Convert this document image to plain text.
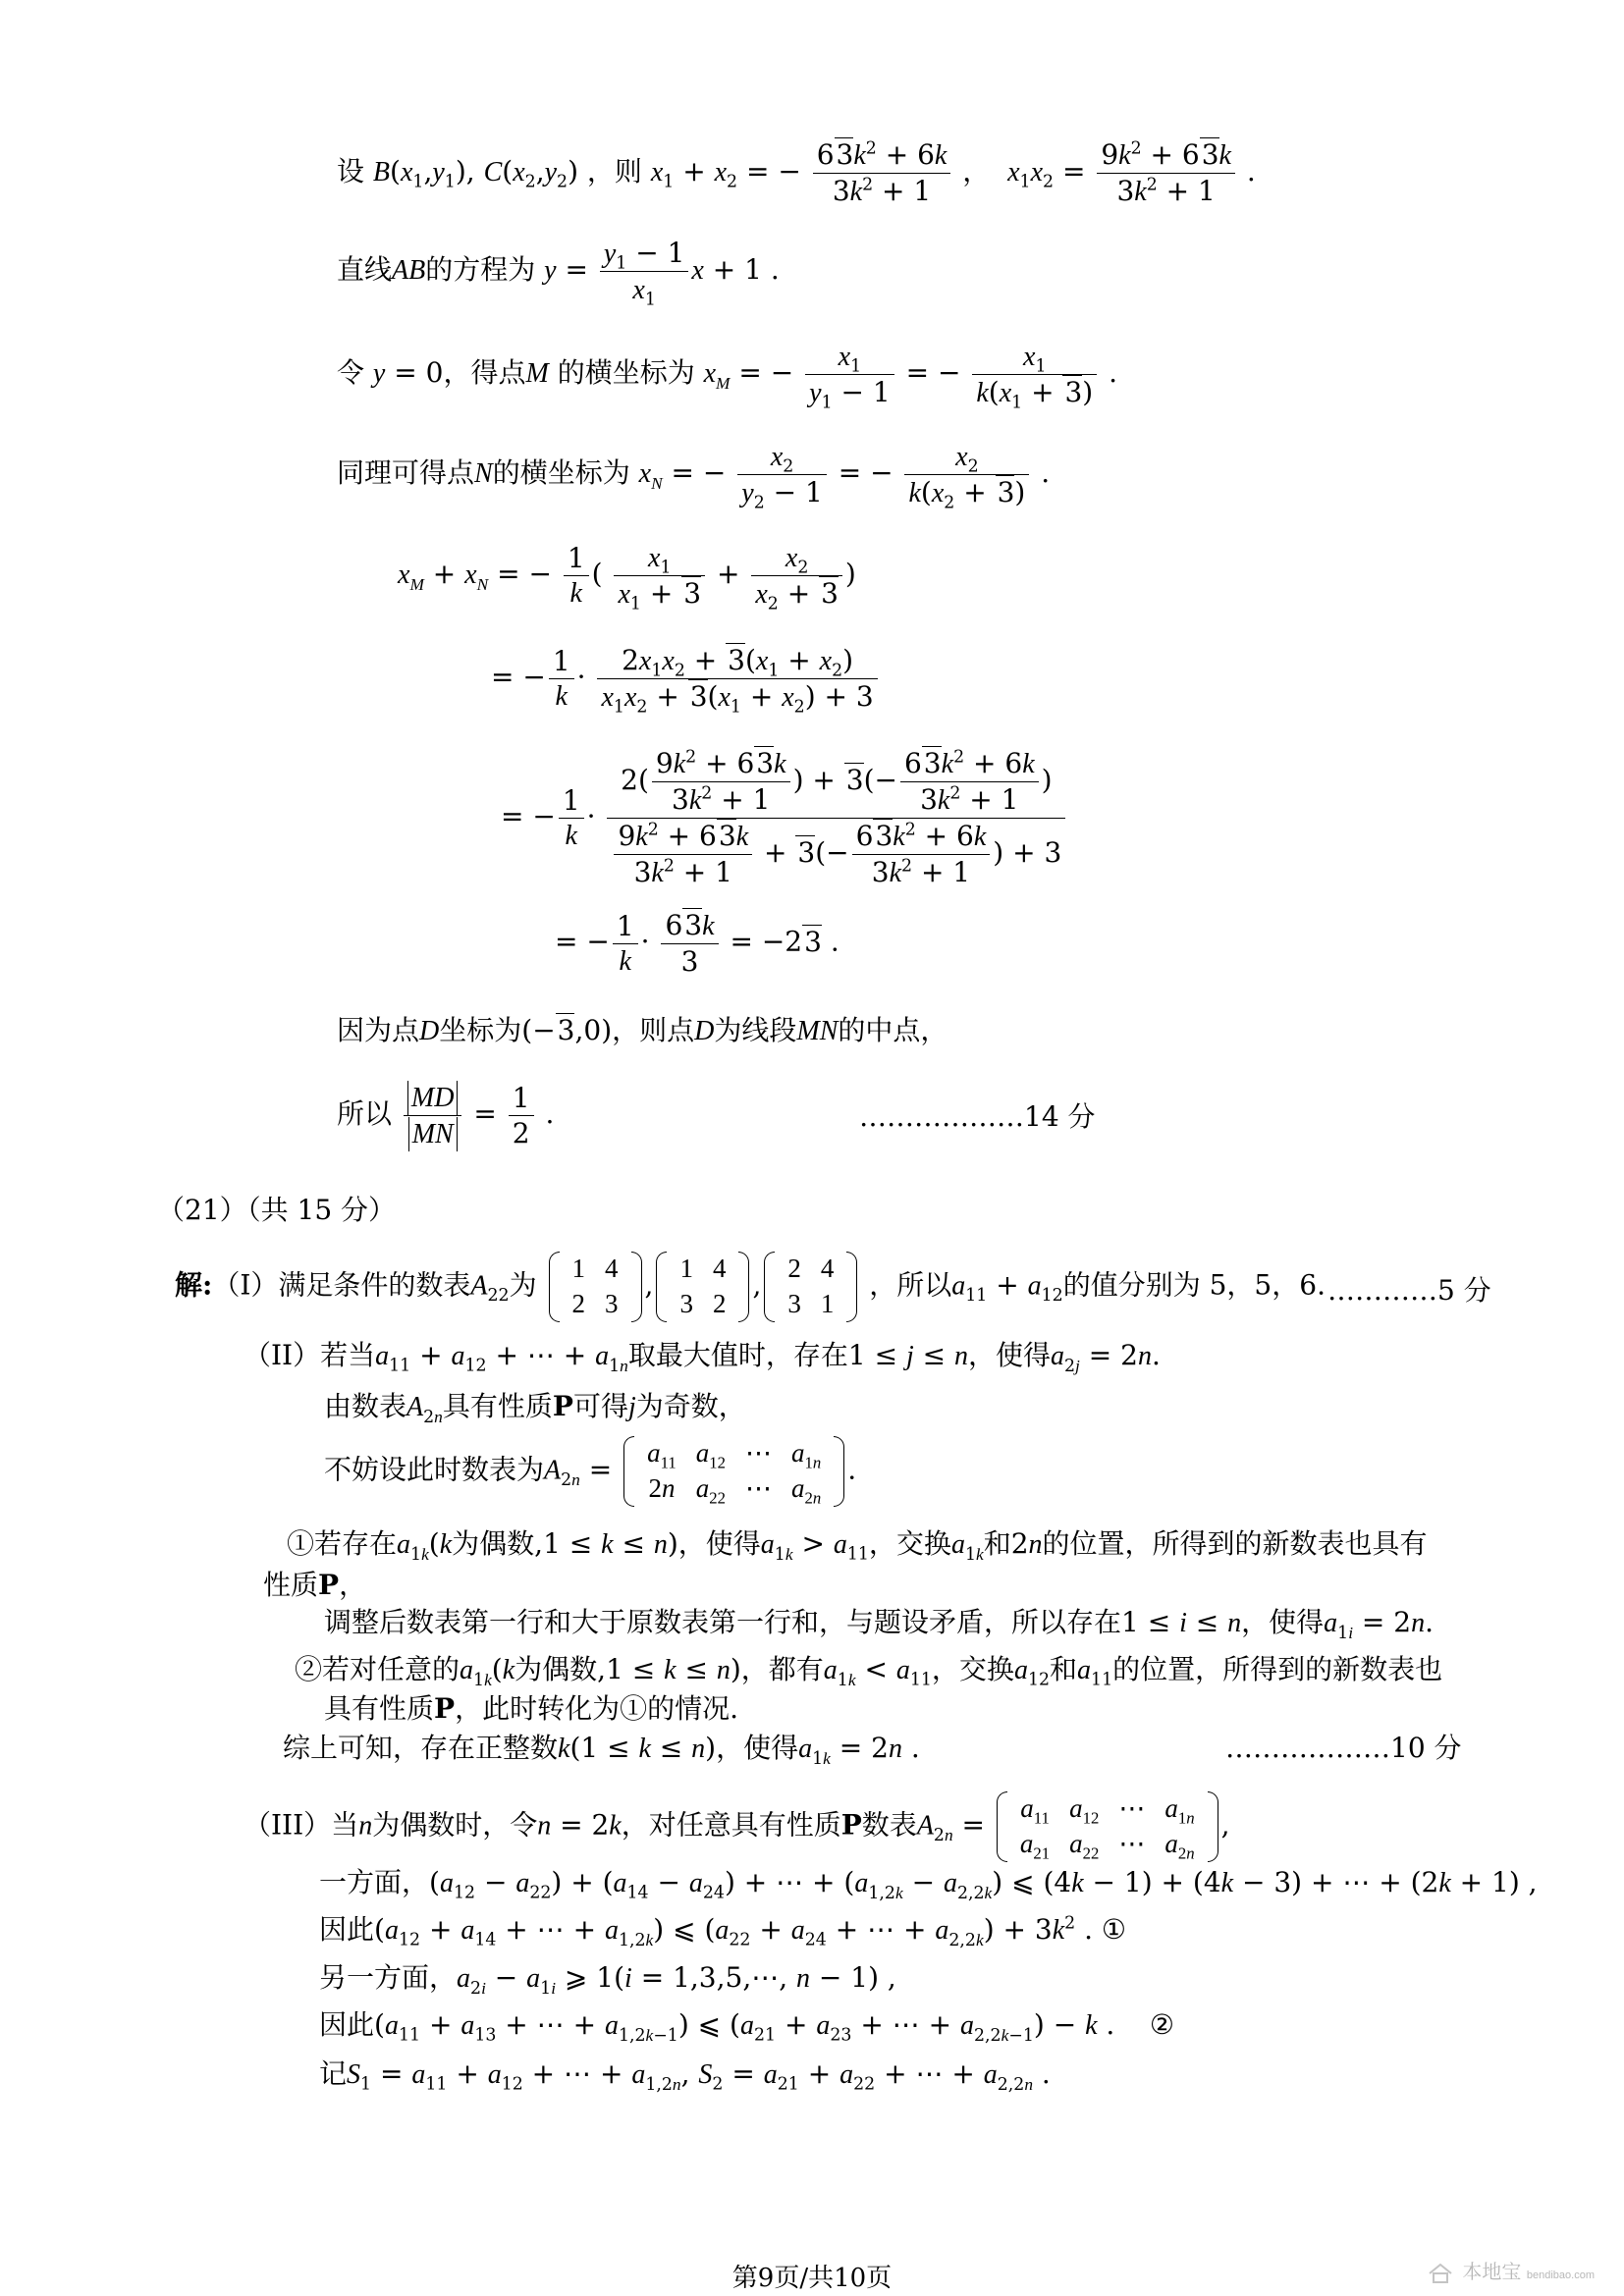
设 $B(x_1,y_1)$, $C(x_2,y_2)$ ，则 $x_1 + x_2$ = − $\frac{63k^2 + 6k}{3k^2 + 1}$ ， $x_1x_2 = \frac{9k^2 + 63k}{3k^2 + 1}$ .
直线AB的方程为 $y = \frac{y_1 - 1}{x_1}$ x + 1 .
令 y = 0，得点M 的横坐标为 $x_M$ = − $\frac{x_1}{y_1 - 1}$ = − $\frac{x_1}{k(x_1 + 3)}$ .
同理可得点N的横坐标为 $x_N$ = − $\frac{x_2}{y_2 - 1}$ = − $\frac{x_2}{k(x_2 + 3)}$ .
$x_M + x_N$ = − $\frac{1}{k}$ ( $\frac{x_1}{x_1 + 3} + \frac{x_2}{x_2 + 3}$ )
= − $\frac{1}{k} \cdot \frac{2x_1x_2 + 3(x_1 + x_2)}{x_1x_2 + 3(x_1 + x_2) + 3}$
= − $\frac{1}{k} \cdot \frac{2( \frac{9k^2 + 63k}{3k^2 + 1} ) + 3(- \frac{63k^2 + 6k}{3k^2 + 1} )}{\frac{9k^2 + 63k}{3k^2 + 1} + 3(- \frac{63k^2 + 6k}{3k^2 + 1} ) + 3}$
= − $\frac{1}{k} \cdot \frac{63k}{3} = -23$ .
因为点D坐标为(−3,0)，则点D为线段MN的中点，
所以 $\frac{MD}{MN} = \frac{1}{2}$ .	………………14 分
（21）（共 15 分）
解:（I）满足条件的数表$A_{22}$为
1	4
2	3
,
1	4
3	2
,
2	4
3	1
，所以$a_{11} + a_{12}$的值分别为 5，5，6. …………5 分
（II）若当$a_{11} + a_{12}$ + ⋯ + $a_{1n}$取最大值时，存在1 ≤ j ≤ n，使得$a_{2j} = 2n$.
由数表$A_{2n}$具有性质P可得j为奇数，
不妨设此时数表为$A_{2n}$ =
$a_{11}$	$a_{12}$	⋯	$a_{1n}$
2n	$a_{22}$	⋯	$a_{2n}$
.
①若存在$a_{1k}(k$为偶数,1 ≤ k ≤ n)，使得$a_{1k} > a_{11}$，交换$a_{1k}$和2n的位置，所得到的新数表也具有
性质P，
调整后数表第一行和大于原数表第一行和，与题设矛盾，所以存在1 ≤ i ≤ n，使得$a_{1i} = 2n$.
②若对任意的$a_{1k}(k$为偶数,1 ≤ k ≤ n)，都有$a_{1k} < a_{11}$，交换$a_{12}$和$a_{11}$的位置，所得到的新数表也
具有性质P，此时转化为①的情况.
综上可知，存在正整数k(1 ≤ k ≤ n)，使得$a_{1k} = 2n$ .	………………10 分
（III）当n为偶数时，令n = 2k，对任意具有性质P数表$A_{2n}$ =
$a_{11}$	$a_{12}$	⋯	$a_{1n}$
$a_{21}$	$a_{22}$	⋯	$a_{2n}$
,
一方面，$(a_{12} - a_{22}) + (a_{14} - a_{24})$ + ⋯ + $(a_{1,2k} - a_{2,2k})$ ⩽ (4k − 1) + (4k − 3) + ⋯ + (2k + 1) ,
因此($a_{12} + a_{14}$ + ⋯ + $a_{1,2k}$) ⩽ ($a_{22} + a_{24}$ + ⋯ + $a_{2,2k}) + 3k^2$ . ①
另一方面，$a_{2i} - a_{1i}$ ⩾ 1(i = 1,3,5,⋯, n − 1) ,
因此($a_{11} + a_{13}$ + ⋯ + $a_{1,2k-1}$) ⩽ ($a_{21} + a_{23}$ + ⋯ + $a_{2,2k-1}) - k$ .    ②
记$S_1 = a_{11} + a_{12}$ + ⋯ + $a_{1,2n}$, $S_2 = a_{21} + a_{22}$ + ⋯ + $a_{2,2n}$ .
第9页/共10页	本地宝 bendibao.com
